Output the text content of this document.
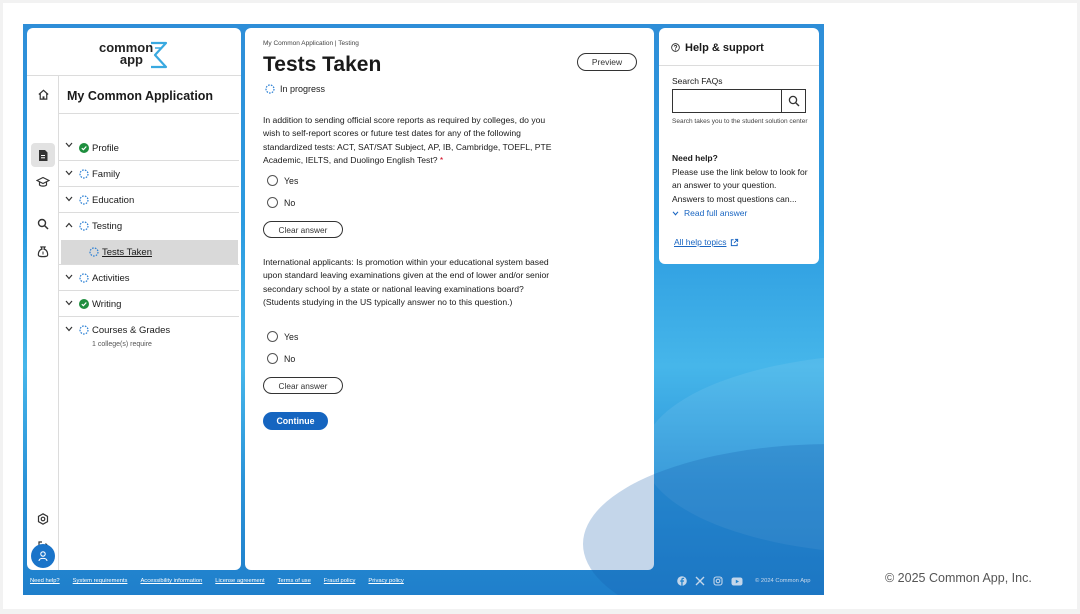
common
app
My Common Application
Profile
Family
Education
Testing
Tests Taken
Activities
Writing
Courses & Grades
1 college(s) require
My Common Application | Testing
Tests Taken	Preview
In progress
In addition to sending official score reports as required by colleges, do you wish to self-report scores or future test dates for any of the following standardized tests: ACT, SAT/SAT Subject, AP, IB, Cambridge, TOEFL, PTE Academic, IELTS, and Duolingo English Test? *
Yes
No
Clear answer
International applicants: Is promotion within your educational system based upon standard leaving examinations given at the end of lower and/or senior secondary school by a state or national leaving examinations board? (Students studying in the US typically answer no to this question.)
Yes
No
Clear answer
Continue
Help & support
Search FAQs
Search takes you to the student solution center
Need help?
Please use the link below to look for an answer to your question. Answers to most questions can...
Read full answer
All help topics
Need help? System requirements Accessibility information License agreement Terms of use Fraud policy Privacy policy	© 2024 Common App	© 2025 Common App, Inc.
